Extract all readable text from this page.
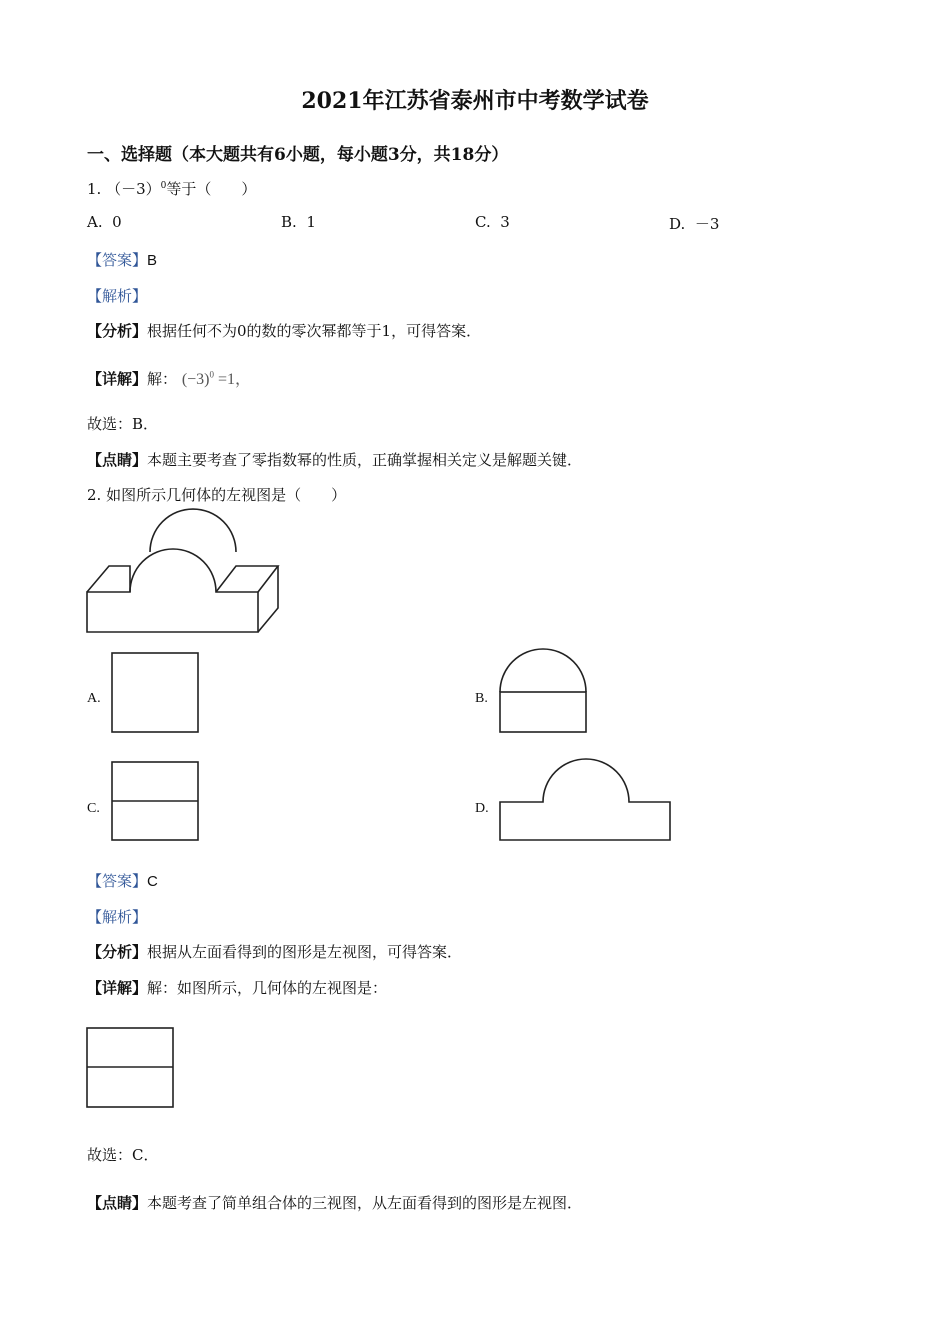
2021年江苏省泰州市中考数学试卷
一、选择题（本大题共有6小题，每小题3分，共18分）
1. $(-3)^0$等于（　　）
A. 0	B. 1	C. 3	D. －3
【答案】B
【解析】
【分析】根据任何不为0的数的零次幂都等于1，可得答案．
【详解】解： $(-3)^0 =1$，
故选：B．
【点睛】本题主要考查了零指数幂的性质，正确掌握相关定义是解题关键．
2. 如图所示几何体的左视图是（　　）
A.	B.
C.	D.
【答案】C
【解析】
【分析】根据从左面看得到的图形是左视图，可得答案．
【详解】解：如图所示，几何体的左视图是：
故选：C．
【点睛】本题考查了简单组合体的三视图，从左面看得到的图形是左视图．
